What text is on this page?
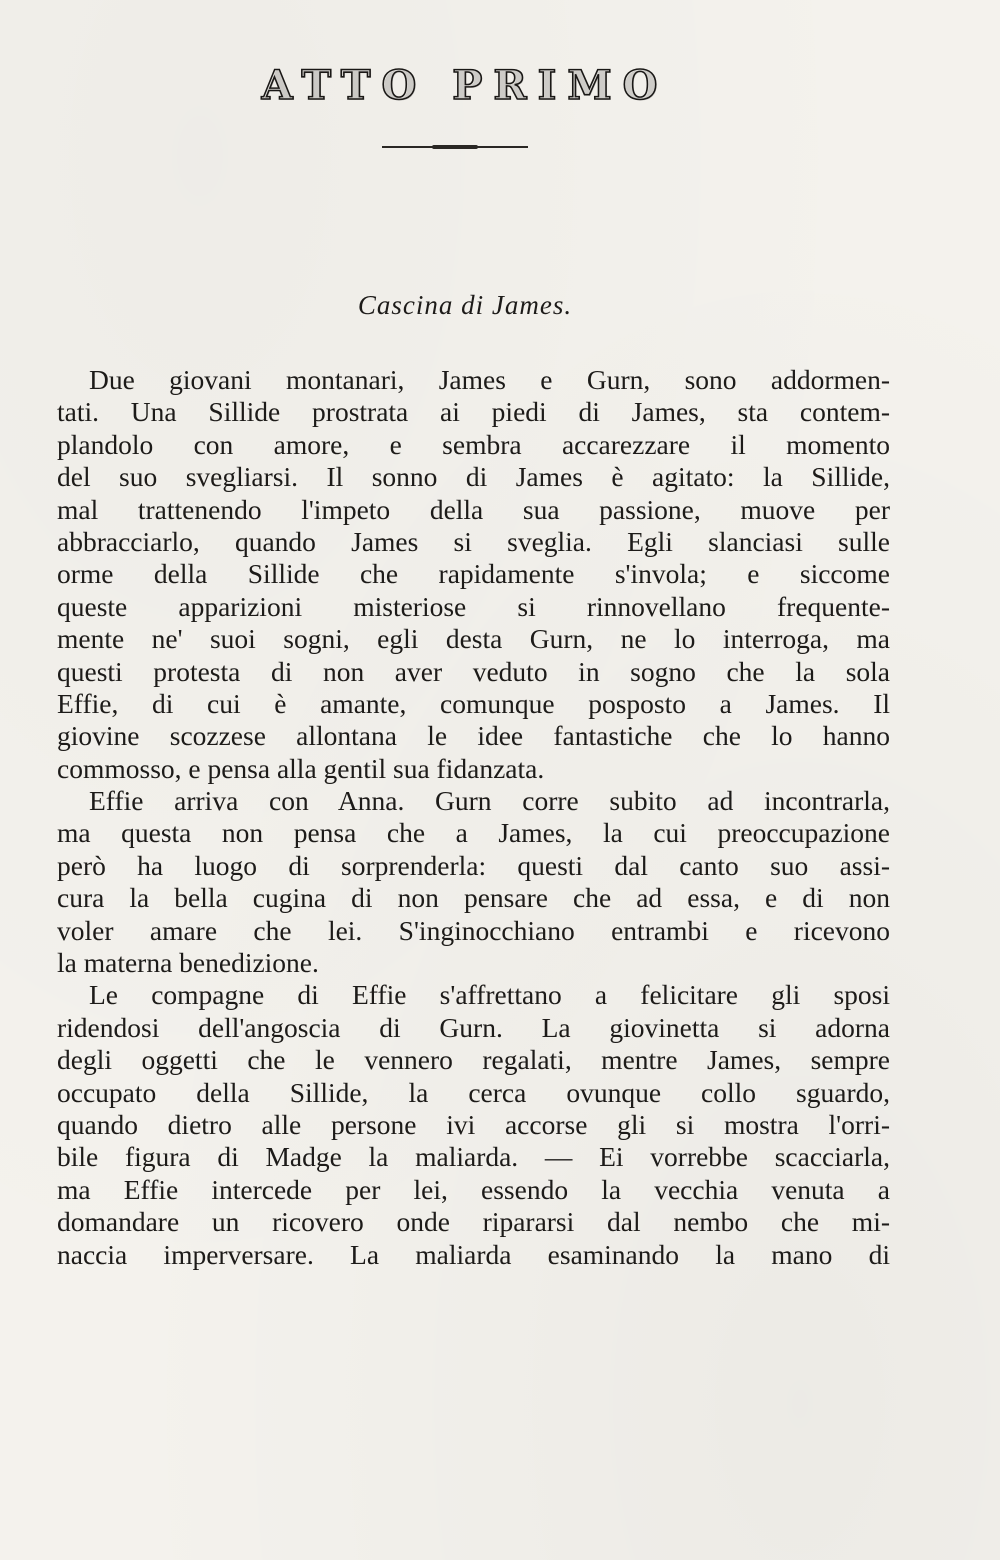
ATTO PRIMO
Cascina di James.
Due giovani montanari, James e Gurn, sono addormen-
tati. Una Sillide prostrata ai piedi di James, sta contem-
plandolo con amore, e sembra accarezzare il momento
del suo svegliarsi. Il sonno di James è agitato: la Sillide,
mal trattenendo l'impeto della sua passione, muove per
abbracciarlo, quando James si sveglia. Egli slanciasi sulle
orme della Sillide che rapidamente s'invola; e siccome
queste apparizioni misteriose si rinnovellano frequente-
mente ne' suoi sogni, egli desta Gurn, ne lo interroga, ma
questi protesta di non aver veduto in sogno che la sola
Effie, di cui è amante, comunque posposto a James. Il
giovine scozzese allontana le idee fantastiche che lo hanno
commosso, e pensa alla gentil sua fidanzata.
Effie arriva con Anna. Gurn corre subito ad incontrarla,
ma questa non pensa che a James, la cui preoccupazione
però ha luogo di sorprenderla: questi dal canto suo assi-
cura la bella cugina di non pensare che ad essa, e di non
voler amare che lei. S'inginocchiano entrambi e ricevono
la materna benedizione.
Le compagne di Effie s'affrettano a felicitare gli sposi
ridendosi dell'angoscia di Gurn. La giovinetta si adorna
degli oggetti che le vennero regalati, mentre James, sempre
occupato della Sillide, la cerca ovunque collo sguardo,
quando dietro alle persone ivi accorse gli si mostra l'orri-
bile figura di Madge la maliarda. — Ei vorrebbe scacciarla,
ma Effie intercede per lei, essendo la vecchia venuta a
domandare un ricovero onde ripararsi dal nembo che mi-
naccia imperversare. La maliarda esaminando la mano di
